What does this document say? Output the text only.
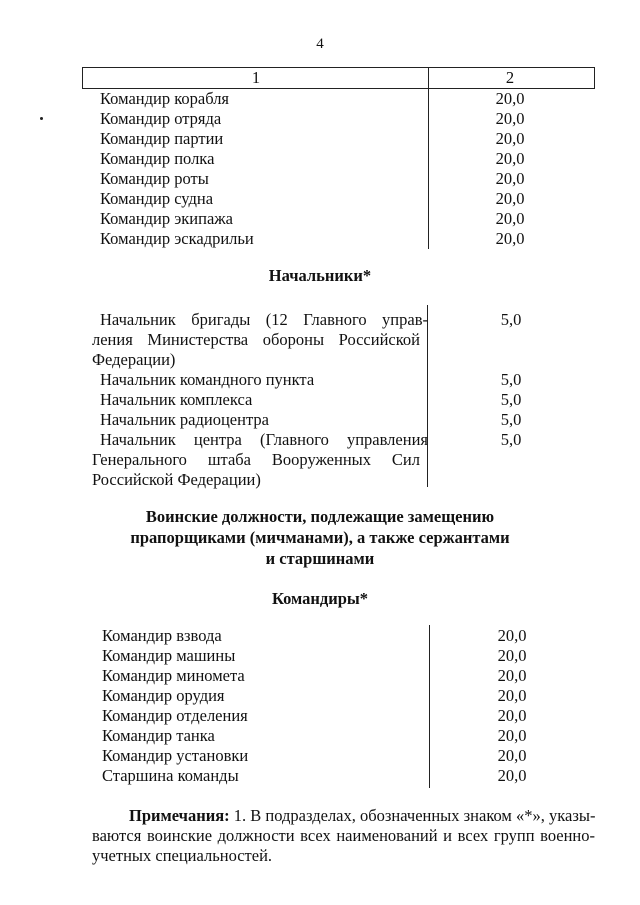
4
1	2
Командир корабля	20,0
Командир отряда	20,0
Командир партии	20,0
Командир полка	20,0
Командир роты	20,0
Командир судна	20,0
Командир экипажа	20,0
Командир эскадрильи	20,0
Начальники*
Начальник бригады (12 Главного управ-
ления Министерства обороны Российской
Федерации)
5,0
Начальник командного пункта	5,0
Начальник комплекса	5,0
Начальник радиоцентра	5,0
Начальник центра (Главного управления
Генерального штаба Вооруженных Сил
Российской Федерации)
5,0
Воинские должности, подлежащие замещению
прапорщиками (мичманами), а также сержантами
и старшинами
Командиры*
Командир взвода	20,0
Командир машины	20,0
Командир миномета	20,0
Командир орудия	20,0
Командир отделения	20,0
Командир танка	20,0
Командир установки	20,0
Старшина команды	20,0
Примечания: 1. В подразделах, обозначенных знаком «*», указы-
ваются воинские должности всех наименований и всех групп военно-
учетных специальностей.
